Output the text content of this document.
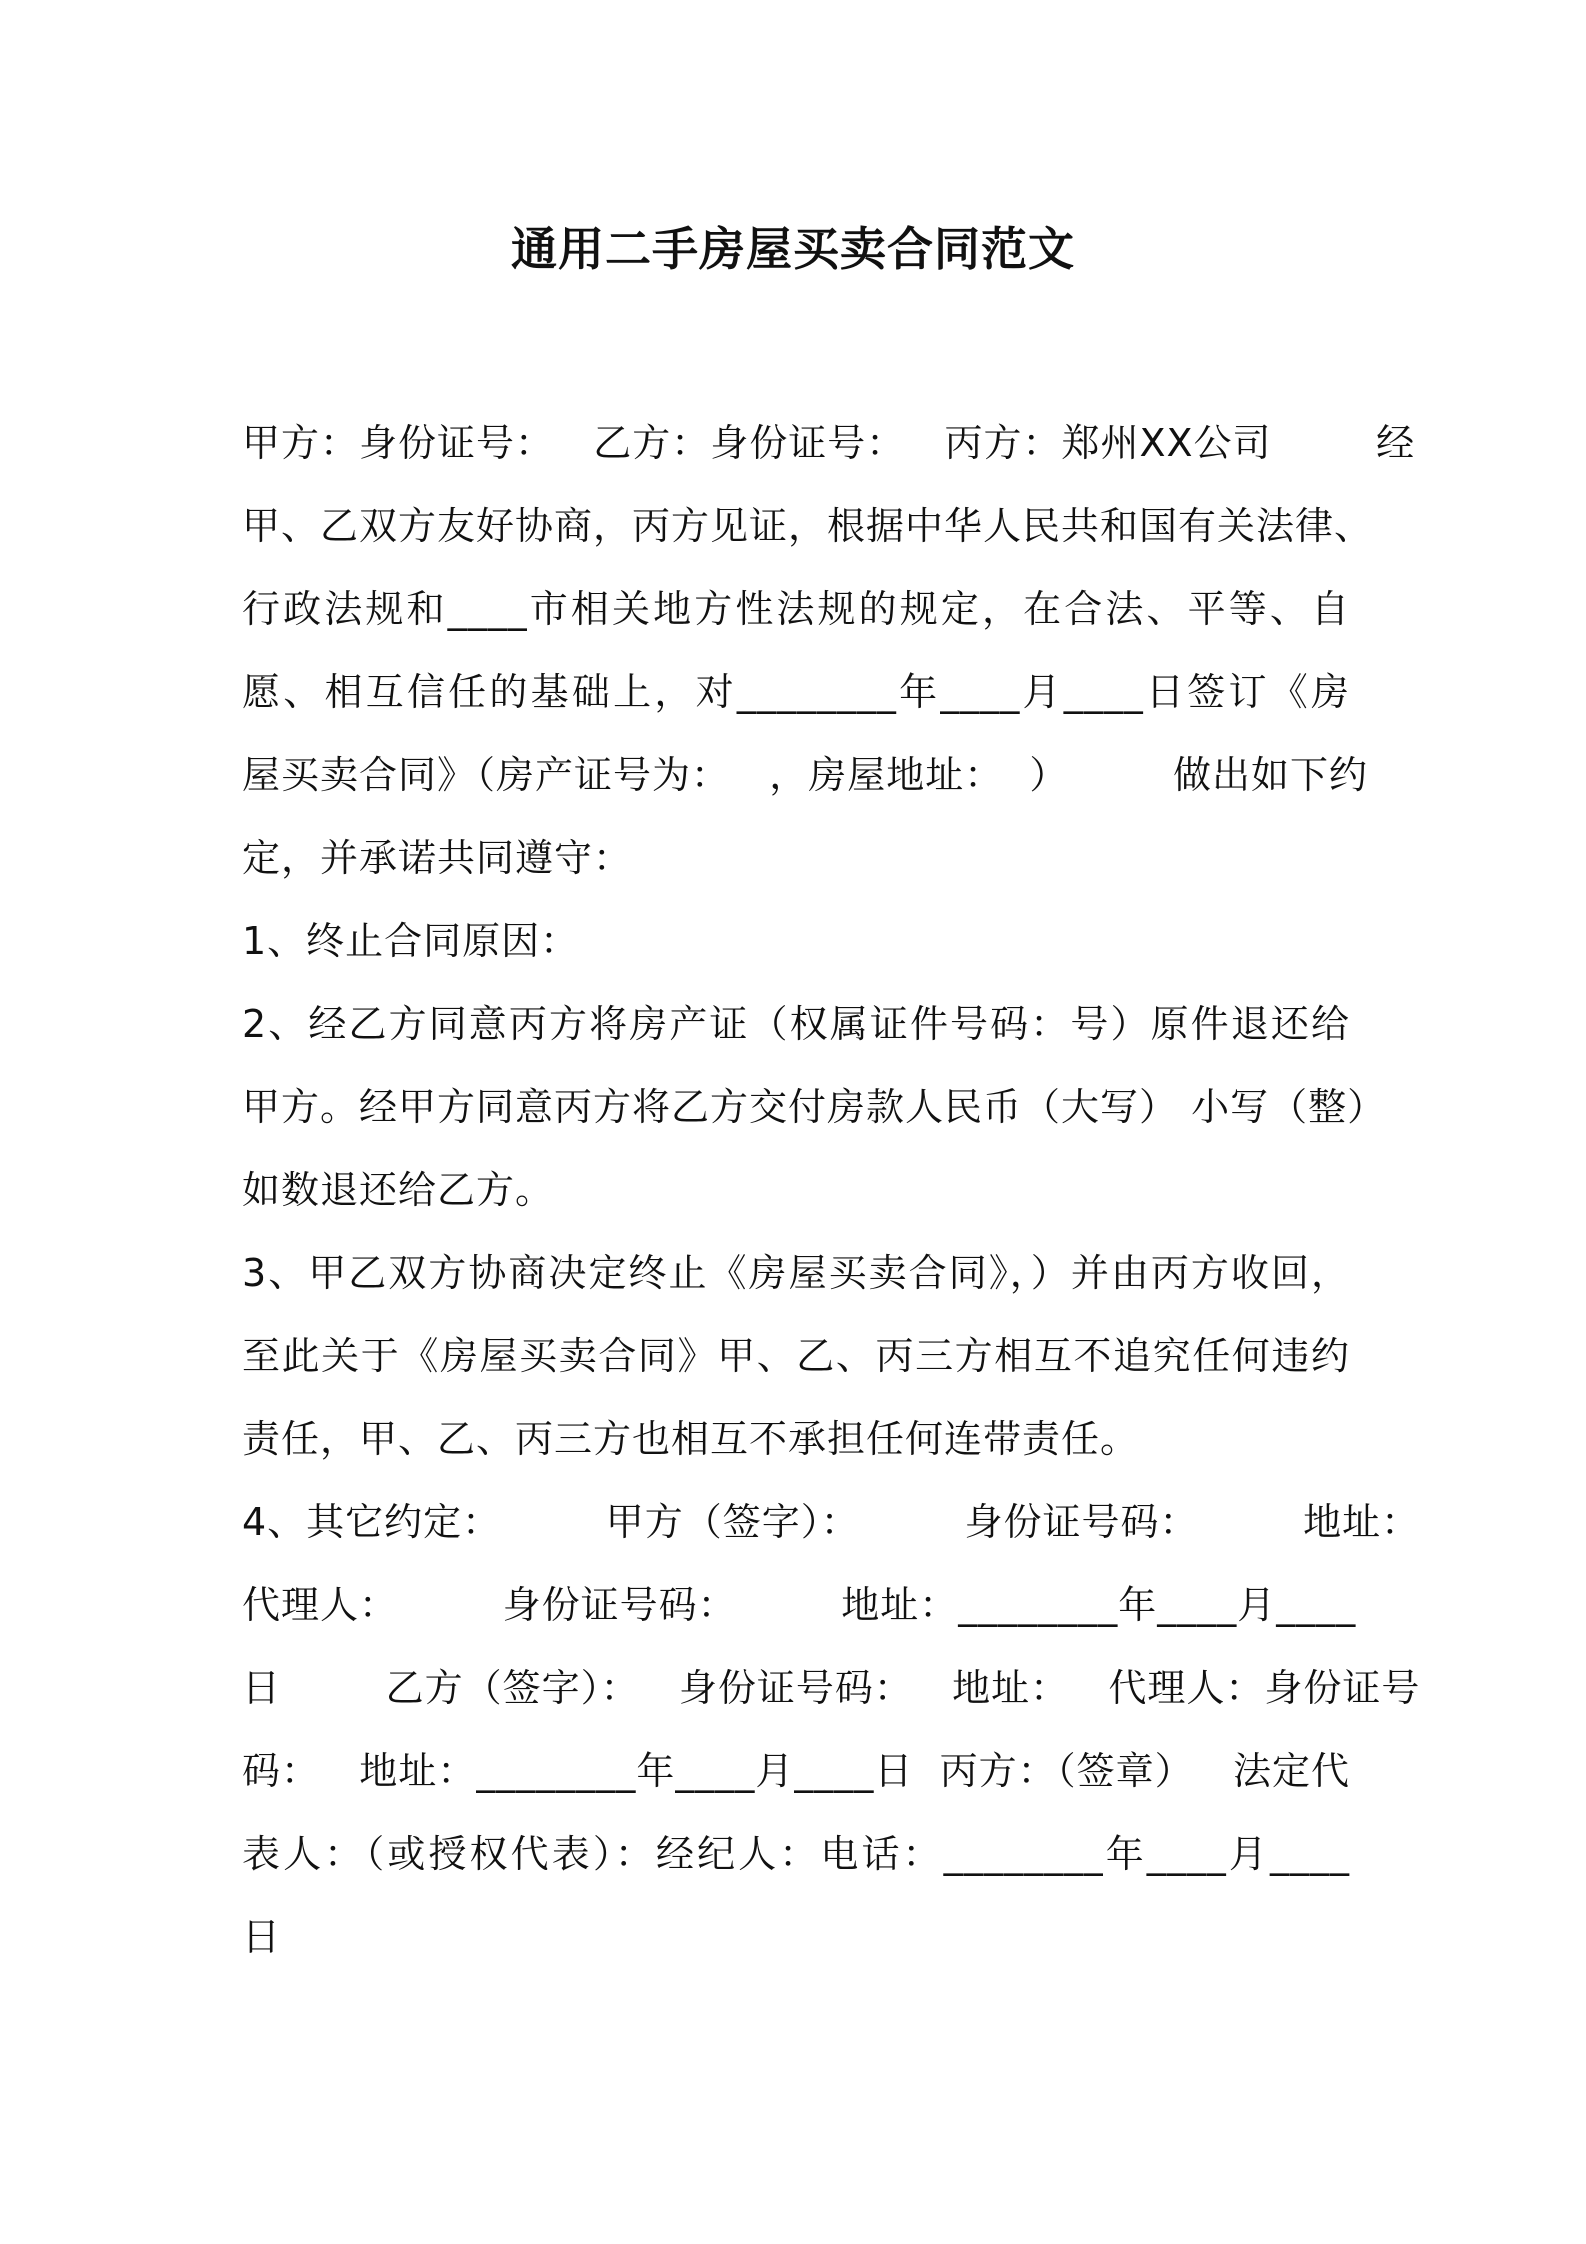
通用二手房屋买卖合同范文
甲方：身份证号：   乙方：身份证号：   丙方：郑州XX公司        经
甲、乙双方友好协商，丙方见证，根据中华人民共和国有关法律、
行政法规和____市相关地方性法规的规定，在合法、平等、自
愿、相互信任的基础上，对________年____月____日签订《房
屋买卖合同》（房产证号为：   ，房屋地址：  ）        做出如下约
定，并承诺共同遵守：
1、终止合同原因：
2、经乙方同意丙方将房产证（权属证件号码：号）原件退还给
甲方。经甲方同意丙方将乙方交付房款人民币（大写） 小写（整）
如数退还给乙方。
3、甲乙双方协商决定终止《房屋买卖合同》，）并由丙方收回，
至此关于《房屋买卖合同》甲、乙、丙三方相互不追究任何违约
责任，甲、乙、丙三方也相互不承担任何连带责任。
4、其它约定：        甲方（签字）：        身份证号码：        地址：
代理人：        身份证号码：        地址：________年____月____
日        乙方（签字）：   身份证号码：   地址：   代理人：身份证号
码：   地址：________年____月____日  丙方：（签章）   法定代
表人：（或授权代表）：经纪人：电话：________年____月____
日
